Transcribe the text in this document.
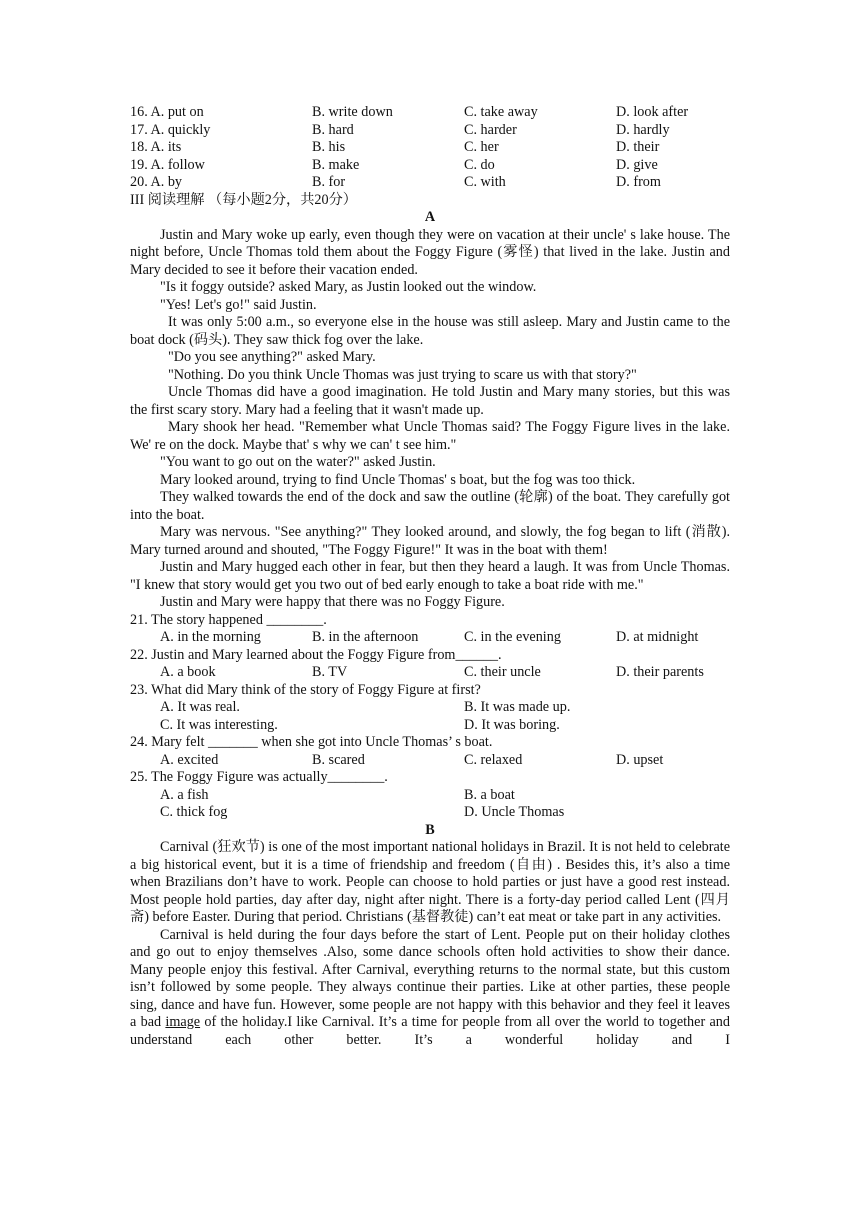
16. A. put on	B. write down	C. take away	D. look after
17. A. quickly	B. hard	C. harder	D. hardly
18. A. its	B. his	C. her	D. their
19. A. follow	B. make	C. do	D. give
20. A. by	B. for	C. with	D. from
III 阅读理解 （每小题2分，共20分）
A

Justin and Mary woke up early, even though they were on vacation at their uncle' s lake house. The night before, Uncle Thomas told them about the Foggy Figure (雾怪) that lived in the lake. Justin and Mary decided to see it before their vacation ended.

"Is it foggy outside? asked Mary, as Justin looked out the window.

"Yes! Let's go!" said Justin.

It was only 5:00 a.m., so everyone else in the house was still asleep. Mary and Justin came to the boat dock (码头). They saw thick fog over the lake.

"Do you see anything?" asked Mary.

"Nothing. Do you think Uncle Thomas was just trying to scare us with that story?"

Uncle Thomas did have a good imagination. He told Justin and Mary many stories, but this was the first scary story. Mary had a feeling that it wasn't made up.

Mary shook her head. "Remember what Uncle Thomas said? The Foggy Figure lives in the lake. We' re on the dock. Maybe that' s why we can' t see him."

"You want to go out on the water?" asked Justin.

Mary looked around, trying to find Uncle Thomas' s boat, but the fog was too thick.

They walked towards the end of the dock and saw the outline (轮廓) of the boat. They carefully got into the boat.

Mary was nervous. "See anything?" They looked around, and slowly, the fog began to lift (消散). Mary turned around and shouted, "The Foggy Figure!" It was in the boat with them!

Justin and Mary hugged each other in fear, but then they heard a laugh. It was from Uncle Thomas. "I knew that story would get you two out of bed early enough to take a boat ride with me."

Justin and Mary were happy that there was no Foggy Figure.

21. The story happened ________.
A. in the morning	B. in the afternoon	C. in the evening	D. at midnight
22. Justin and Mary learned about the Foggy Figure from______.
A. a book	B. TV	C. their uncle	D. their parents
23. What did Mary think of the story of Foggy Figure at first?
A. It was real.	B. It was made up.
C. It was interesting.	D. It was boring.
24. Mary felt _______ when she got into Uncle Thomas’ s boat.
A. excited	B. scared	C. relaxed	D. upset
25. The Foggy Figure was actually________.
A. a fish	B. a boat
C. thick fog	D. Uncle Thomas
B

Carnival (狂欢节) is one of the most important national holidays in Brazil. It is not held to celebrate a big historical event, but it is a time of friendship and freedom (自由) . Besides this, it’s also a time when Brazilians don’t have to work. People can choose to hold parties or just have a good rest instead. Most people hold parties, day after day, night after night. There is a forty-day period called Lent (四月斋) before Easter. During that period. Christians (基督教徒) can’t eat meat or take part in any activities.

Carnival is held during the four days before the start of Lent. People put on their holiday clothes and go out to enjoy themselves .Also, some dance schools often hold activities to show their dance. Many people enjoy this festival. After Carnival, everything returns to the normal state, but this custom isn’t followed by some people. They always continue their parties. Like at other parties, these people sing, dance and have fun. However, some people are not happy with this behavior and they feel it leaves a bad image of the holiday.I like Carnival. It’s a time for people from all over the world to together and understand each other better. It’s a wonderful holiday and I
